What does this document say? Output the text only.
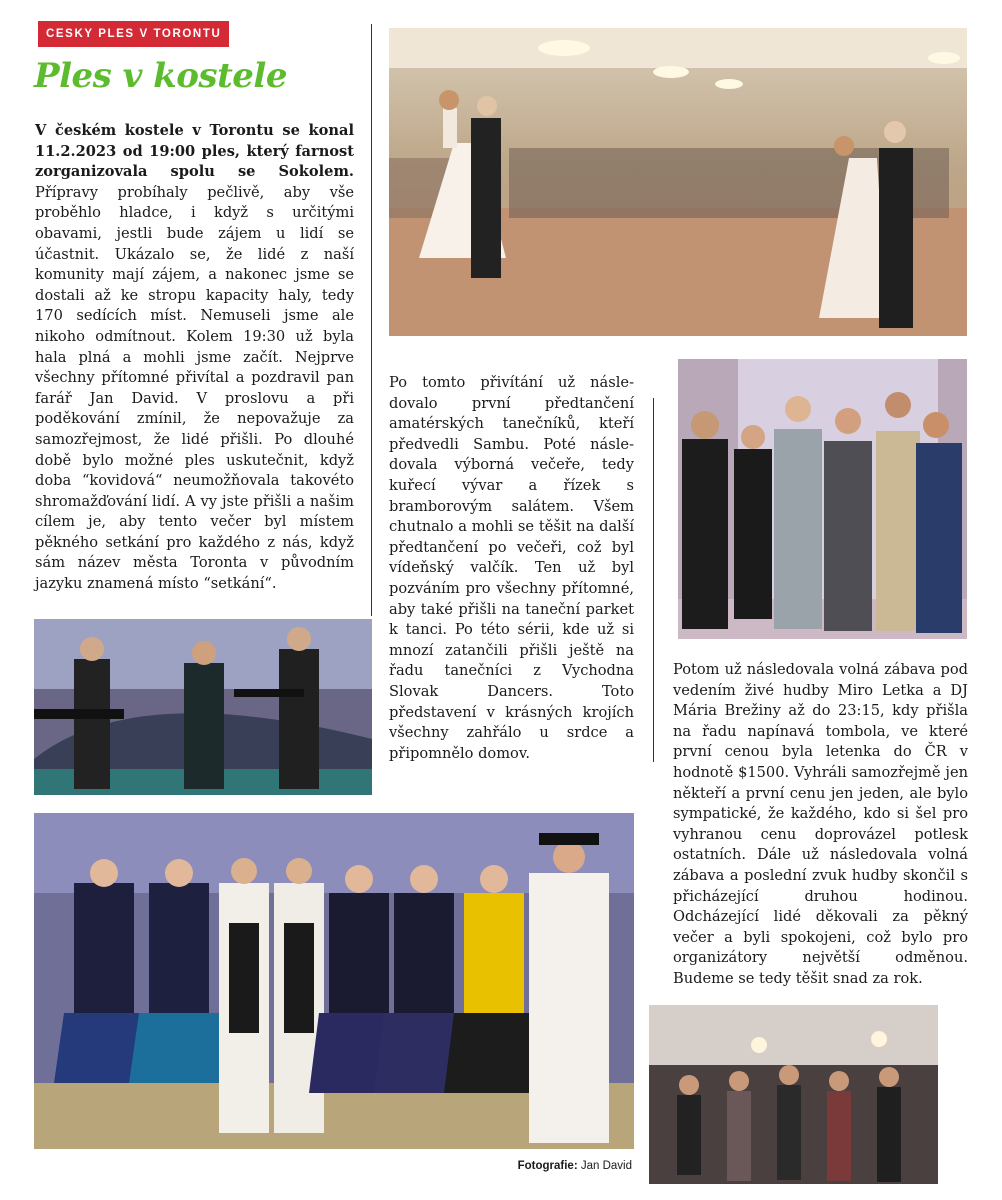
CESKY PLES V TORONTU
Ples v kostele

V českém kostele v Torontu se konal 11.2.2023 od 19:00 ples, který farnost zorganizovala spolu se Sokolem. Přípravy probíhaly pečlivě, aby vše proběhlo hladce, i když s určitými obavami, jestli bude zájem u lidí se účastnit. Ukázalo se, že lidé z naší komunity mají zájem, a nakonec jsme se dostali až ke stropu kapacity haly, tedy 170 sedících míst. Nemuseli jsme ale nikoho odmítnout. Kolem 19:30 už byla hala plná a mohli jsme začít. Nejprve všechny přítomné přivítal a pozdravil pan farář Jan David. V proslovu a při poděkování zmínil, že nepovažuje za samozřejmost, že lidé přišli. Po dlouhé době bylo možné ples uskutečnit, když doba “kovidová“ neumožňovala takovéto shromažďování lidí. A vy jste přišli a našim cílem je, aby tento večer byl místem pěkného setkání pro každého z nás, když sám název města Toronta v původním jazyku znamená místo “setkání“.

Po tomto přivítání už následovalo první předtančení amatérských tanečníků, kteří předvedli Sambu. Poté následovala výborná večeře, tedy kuřecí vývar a řízek s bramborovým salátem. Všem chutnalo a mohli se těšit na další předtančení po večeři, což byl vídeňský valčík. Ten už byl pozváním pro všechny přítomné, aby také přišli na taneční parket k tanci. Po této sérii, kde už si mnozí zatančili přišli ještě na řadu tanečníci z Vychodna Slovak Dancers. Toto představení v krásných krojích všechny zahřálo u srdce a připomnělo domov.

Potom už následovala volná zábava pod vedením živé hudby Miro Letka a DJ Mária Brežiny až do 23:15, kdy přišla na řadu napínavá tombola, ve které první cenou byla letenka do ČR v hodnotě $1500. Vyhráli samozřejmě jen někteří a první cenu jen jeden, ale bylo sympatické, že každého, kdo si šel pro vyhranou cenu doprovázel potlesk ostatních. Dále už následovala volná zábava a poslední zvuk hudby skončil s přicházející druhou hodinou. Odcházející lidé děkovali za pěkný večer a byli spokojeni, což bylo pro organizátory největší odměnou. Budeme se tedy těšit snad za rok.

Fotografie: Jan David
